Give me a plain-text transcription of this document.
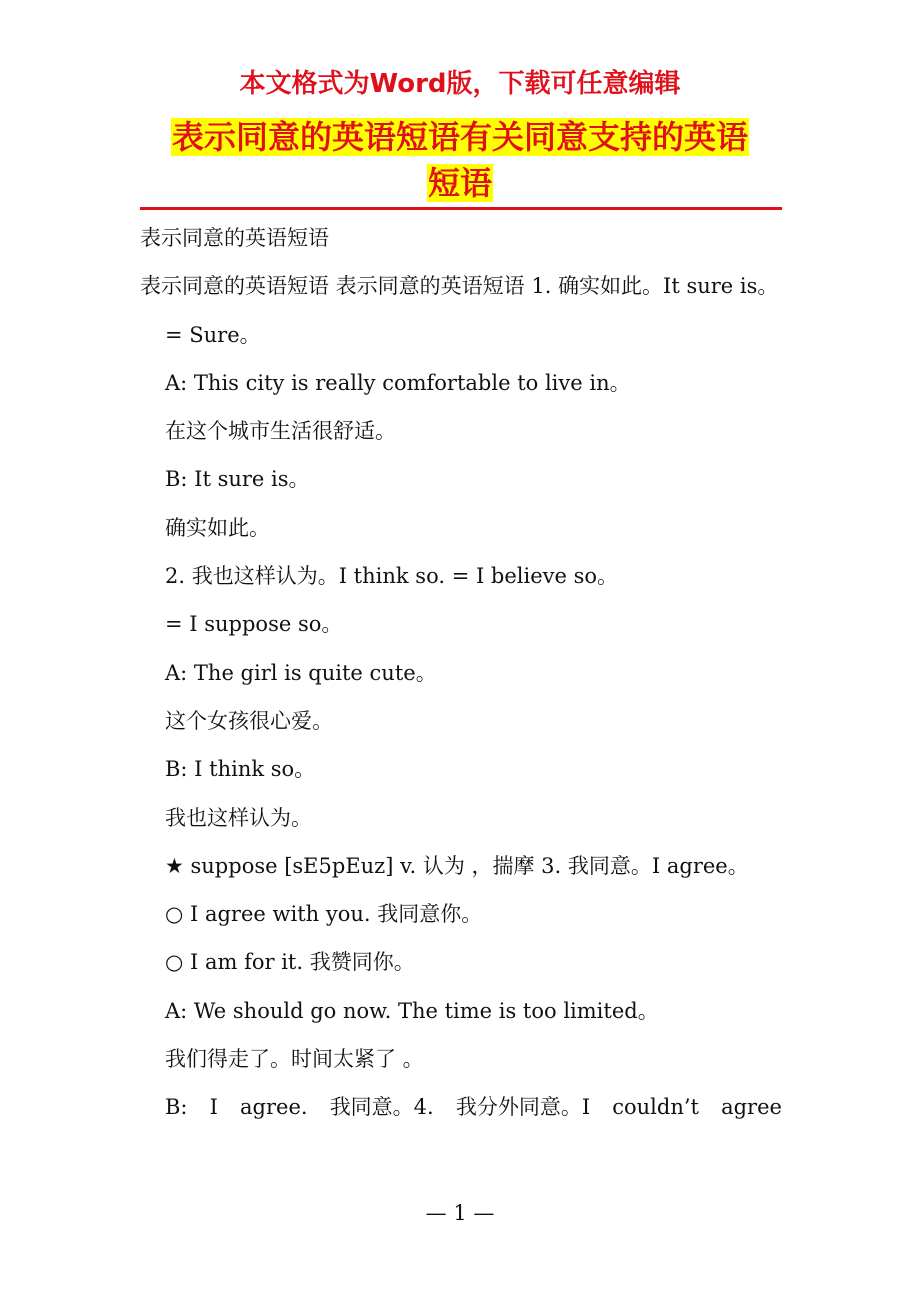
本文格式为Word版，下载可任意编辑
表示同意的英语短语有关同意支持的英语
短语

表示同意的英语短语

表示同意的英语短语 表示同意的英语短语 1. 确实如此。It sure is。

= Sure。

A: This city is really comfortable to live in。

在这个城市生活很舒适。

B: It sure is。

确实如此。

2. 我也这样认为。I think so. = I believe so。

= I suppose so。

A: The girl is quite cute。

这个女孩很心爱。

B: I think so。

我也这样认为。

★ suppose [sE5pEuz] v. 认为 ，揣摩 3. 我同意。I agree。

○ I agree with you. 我同意你。

○ I am for it. 我赞同你。

A: We should go now. The time is too limited。

我们得走了。时间太紧了 。

B: I agree. 我同意。4. 我分外同意。I couldn’t agree

— 1 —
